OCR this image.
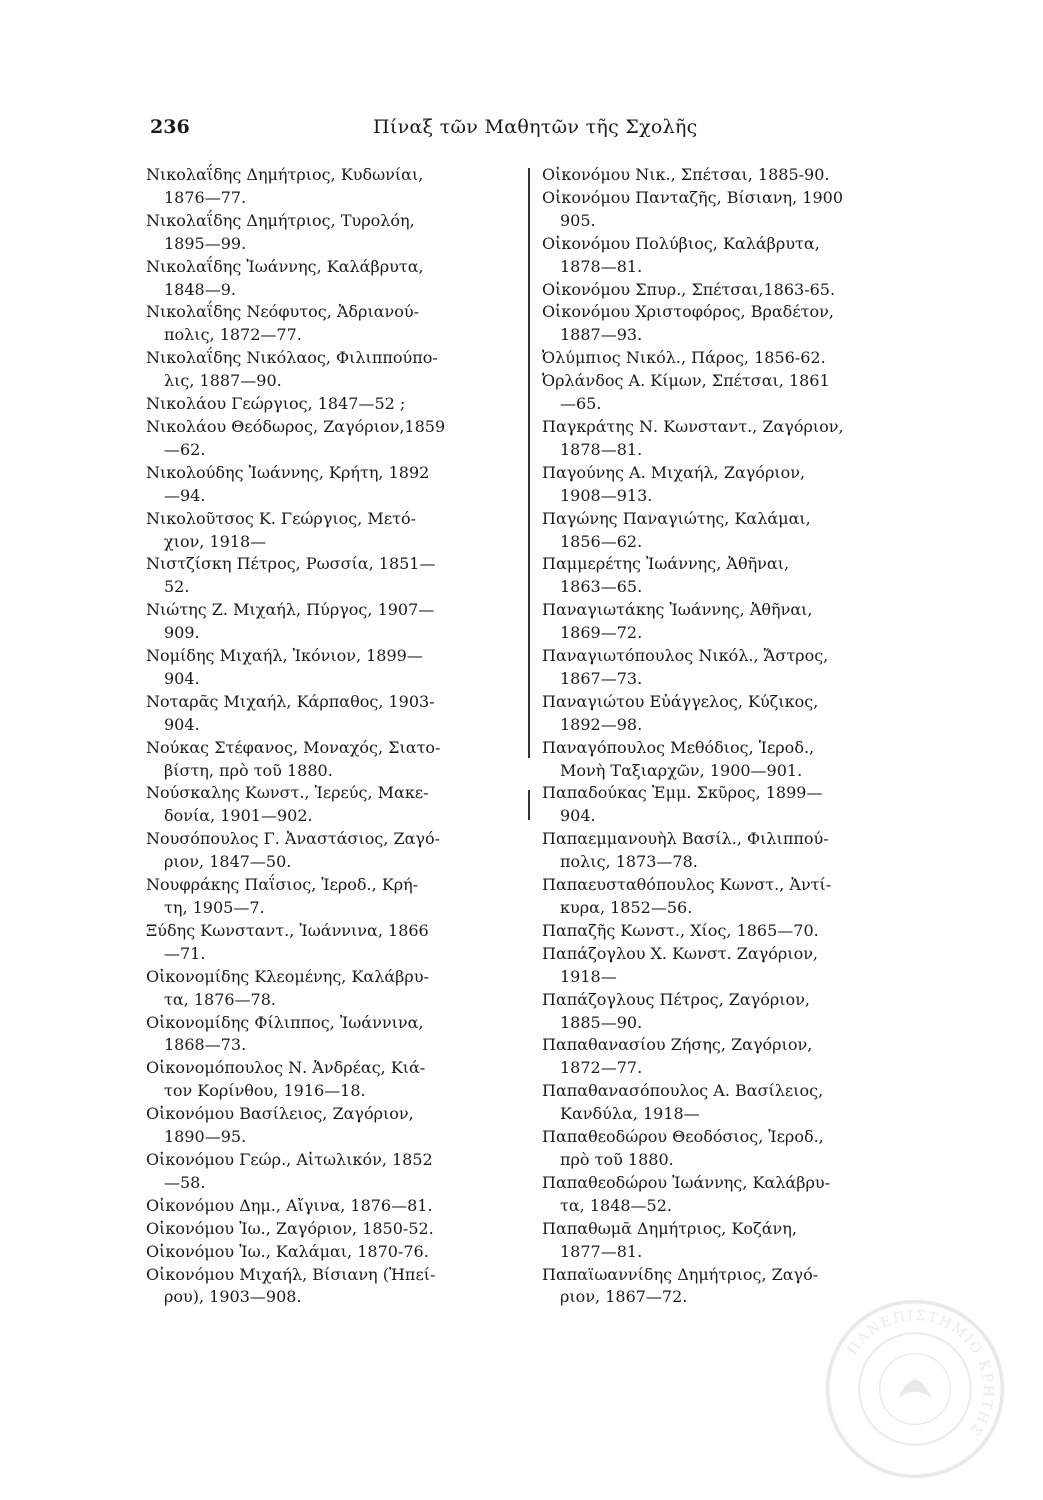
236	Πίναξ τῶν Μαθητῶν τῆς Σχολῆς

Νικολαΐδης Δημήτριος, Κυδωνίαι,
1876—77.

Νικολαΐδης Δημήτριος, Τυρολόη,
1895—99.

Νικολαΐδης Ἰωάννης, Καλάβρυτα,
1848—9.

Νικολαΐδης Νεόφυτος, Ἀδριανού-
πολις, 1872—77.

Νικολαΐδης Νικόλαος, Φιλιππούπο-
λις, 1887—90.

Νικολάου Γεώργιος, 1847—52 ;

Νικολάου Θεόδωρος, Ζαγόριον,1859
—62.

Νικολούδης Ἰωάννης, Κρήτη, 1892
—94.

Νικολοῦτσος Κ. Γεώργιος, Μετό-
χιον, 1918—

Νιστζίσκη Πέτρος, Ρωσσία, 1851—
52.

Νιώτης Ζ. Μιχαήλ, Πύργος, 1907—
909.

Νομίδης Μιχαήλ, Ἰκόνιον, 1899—
904.

Νοταρᾶς Μιχαήλ, Κάρπαθος, 1903-
904.

Νούκας Στέφανος, Μοναχός, Σιατο-
βίστη, πρὸ τοῦ 1880.

Νούσκαλης Κωνστ., Ἱερεύς, Μακε-
δονία, 1901—902.

Νουσόπουλος Γ. Ἀναστάσιος, Ζαγό-
ριον, 1847—50.

Νουφράκης Παΐσιος, Ἱεροδ., Κρή-
τη, 1905—7.

Ξύδης Κωνσταντ., Ἰωάννινα, 1866
—71.

Οἰκονομίδης Κλεομένης, Καλάβρυ-
τα, 1876—78.

Οἰκονομίδης Φίλιππος, Ἰωάννινα,
1868—73.

Οἰκονομόπουλος Ν. Ἀνδρέας, Κιά-
τον Κορίνθου, 1916—18.

Οἰκονόμου Βασίλειος, Ζαγόριον,
1890—95.

Οἰκονόμου Γεώρ., Αἰτωλικόν, 1852
—58.

Οἰκονόμου Δημ., Αἴγινα, 1876—81.

Οἰκονόμου Ἰω., Ζαγόριον, 1850-52.

Οἰκονόμου Ἰω., Καλάμαι, 1870-76.

Οἰκονόμου Μιχαήλ, Βίσιανη (Ἠπεί-
ρου), 1903—908.

Οἰκονόμου Νικ., Σπέτσαι, 1885-90.

Οἰκονόμου Πανταζῆς, Βίσιανη, 1900
905.

Οἰκονόμου Πολύβιος, Καλάβρυτα,
1878—81.

Οἰκονόμου Σπυρ., Σπέτσαι,1863-65.

Οἰκονόμου Χριστοφόρος, Βραδέτον,
1887—93.

Ὀλύμπιος Νικόλ., Πάρος, 1856-62.

Ὀρλάνδος Α. Κίμων, Σπέτσαι, 1861
—65.

Παγκράτης Ν. Κωνσταντ., Ζαγόριον,
1878—81.

Παγούνης Α. Μιχαήλ, Ζαγόριον,
1908—913.

Παγώνης Παναγιώτης, Καλάμαι,
1856—62.

Παμμερέτης Ἰωάννης, Ἀθῆναι,
1863—65.

Παναγιωτάκης Ἰωάννης, Ἀθῆναι,
1869—72.

Παναγιωτόπουλος Νικόλ., Ἄστρος,
1867—73.

Παναγιώτου Εὐάγγελος, Κύζικος,
1892—98.

Παναγόπουλος Μεθόδιος, Ἱεροδ.,
Μονὴ Ταξιαρχῶν, 1900—901.

Παπαδούκας Ἐμμ. Σκῦρος, 1899—
904.

Παπαεμμανουὴλ Βασίλ., Φιλιππού-
πολις, 1873—78.

Παπαευσταθόπουλος Κωνστ., Ἀντί-
κυρα, 1852—56.

Παπαζῆς Κωνστ., Χίος, 1865—70.

Παπάζογλου Χ. Κωνστ. Ζαγόριον,
1918—

Παπάζογλους Πέτρος, Ζαγόριον,
1885—90.

Παπαθανασίου Ζήσης, Ζαγόριον,
1872—77.

Παπαθανασόπουλος Α. Βασίλειος,
Κανδύλα, 1918—

Παπαθεοδώρου Θεοδόσιος, Ἱεροδ.,
πρὸ τοῦ 1880.

Παπαθεοδώρου Ἰωάννης, Καλάβρυ-
τα, 1848—52.

Παπαθωμᾶ Δημήτριος, Κοζάνη,
1877—81.

Παπαϊωαννίδης Δημήτριος, Ζαγό-
ριον, 1867—72.

ΠΑΝΕΠΙΣΤΗΜΙΟ ΚΡΗΤΗΣ
